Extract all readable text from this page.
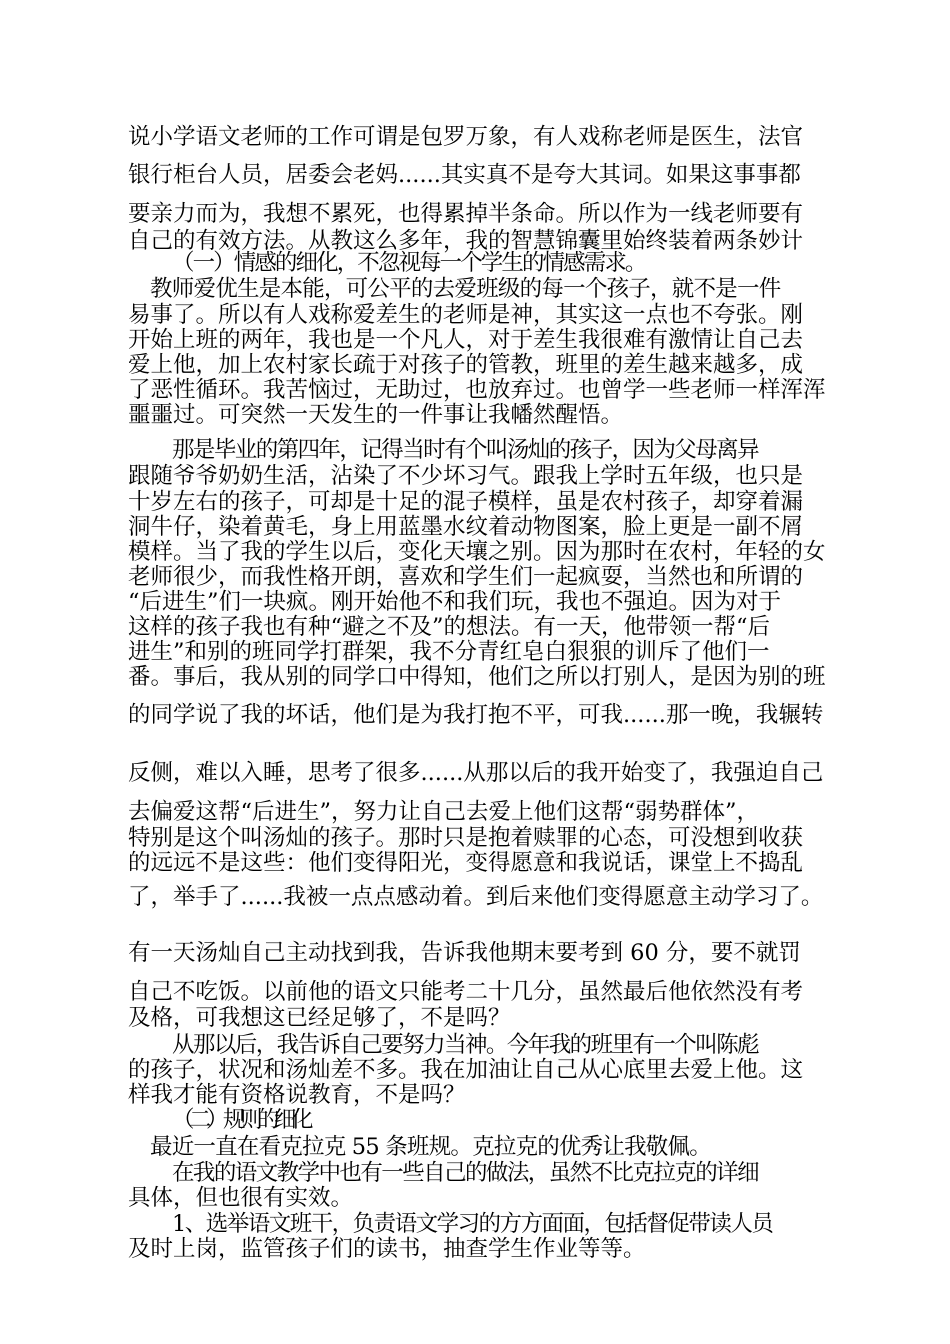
说小学语文老师的工作可谓是包罗万象，有人戏称老师是医生，法官
银行柜台人员，居委会老妈......其实真不是夸大其词。如果这事事都
要亲力而为，我想不累死，也得累掉半条命。所以作为一线老师要有
自己的有效方法。从教这么多年，我的智慧锦囊里始终装着两条妙计
（一）情感的细化，不忽视每一个学生的情感需求。
教师爱优生是本能，可公平的去爱班级的每一个孩子，就不是一件
易事了。所以有人戏称爱差生的老师是神，其实这一点也不夸张。刚
开始上班的两年，我也是一个凡人，对于差生我很难有激情让自己去
爱上他，加上农村家长疏于对孩子的管教，班里的差生越来越多，成
了恶性循环。我苦恼过，无助过，也放弃过。也曾学一些老师一样浑浑
噩噩过。可突然一天发生的一件事让我幡然醒悟。
那是毕业的第四年，记得当时有个叫汤灿的孩子，因为父母离异
跟随爷爷奶奶生活，沾染了不少坏习气。跟我上学时五年级，也只是
十岁左右的孩子，可却是十足的混子模样，虽是农村孩子，却穿着漏
洞牛仔，染着黄毛，身上用蓝墨水纹着动物图案，脸上更是一副不屑
模样。当了我的学生以后，变化天壤之别。因为那时在农村，年轻的女
老师很少，而我性格开朗，喜欢和学生们一起疯耍，当然也和所谓的
“后进生”们一块疯。刚开始他不和我们玩，我也不强迫。因为对于
这样的孩子我也有种“避之不及”的想法。有一天，他带领一帮“后
进生”和别的班同学打群架，我不分青红皂白狠狠的训斥了他们一
番。事后，我从别的同学口中得知，他们之所以打别人，是因为别的班
的同学说了我的坏话，他们是为我打抱不平，可我......那一晚，我辗转
反侧，难以入睡，思考了很多......从那以后的我开始变了，我强迫自己
去偏爱这帮“后进生”，努力让自己去爱上他们这帮“弱势群体”，
特别是这个叫汤灿的孩子。那时只是抱着赎罪的心态，可没想到收获
的远远不是这些：他们变得阳光，变得愿意和我说话，课堂上不捣乱
了，举手了......我被一点点感动着。到后来他们变得愿意主动学习了。
有一天汤灿自己主动找到我，告诉我他期末要考到 60 分，要不就罚
自己不吃饭。以前他的语文只能考二十几分，虽然最后他依然没有考
及格，可我想这已经足够了，不是吗？
从那以后，我告诉自己要努力当神。今年我的班里有一个叫陈彪
的孩子，状况和汤灿差不多。我在加油让自己从心底里去爱上他。这
样我才能有资格说教育，不是吗？
（二）规则的细化
最近一直在看克拉克 55 条班规。克拉克的优秀让我敬佩。
在我的语文教学中也有一些自己的做法，虽然不比克拉克的详细
具体，但也很有实效。
1、选举语文班干，负责语文学习的方方面面，包括督促带读人员
及时上岗，监管孩子们的读书，抽查学生作业等等。
